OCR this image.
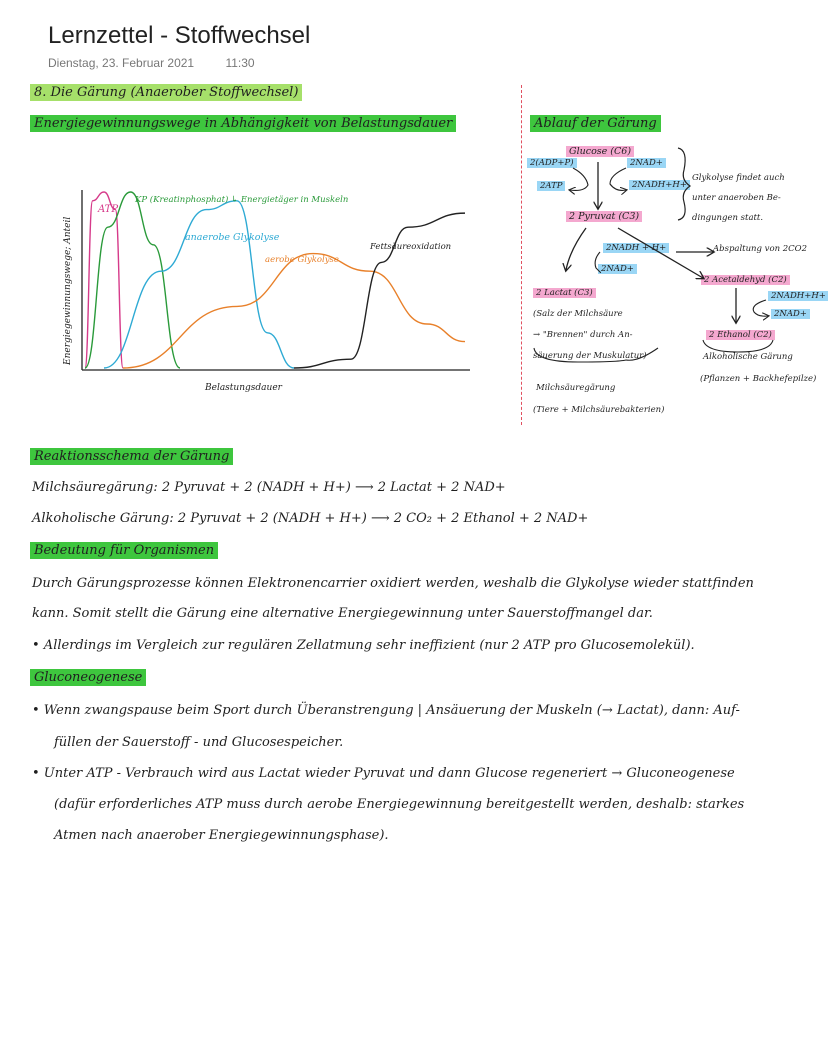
Lernzettel - Stoffwechsel
Dienstag, 23. Februar 2021	11:30
8. Die Gärung (Anaerober Stoffwechsel)
Energiegewinnungswege in Abhängigkeit von Belastungsdauer	Ablauf der Gärung
Energiegewinnungswege; Anteil
Belastungsdauer
ATP
KP (Kreatinphosphat) ↳ Energietäger in Muskeln
anaerobe Glykolyse
aerobe Glykolyse
Fettsäureoxidation
Glucose (C6)
2(ADP+P)
2ATP
2NAD+
2NADH+H+
Glykolyse findet auch
unter anaeroben Be-
dingungen statt.
2 Pyruvat (C3)
2NADH + H+
2NAD+
Abspaltung von 2CO2
2 Lactat (C3)
(Salz der Milchsäure
→ "Brennen" durch An-
säuerung der Muskulatur)
Milchsäuregärung
(Tiere + Milchsäurebakterien)
2 Acetaldehyd (C2)
2NADH+H+
2NAD+
2 Ethanol (C2)
Alkoholische Gärung
(Pflanzen + Backhefepilze)
Reaktionsschema der Gärung
Milchsäuregärung: 2 Pyruvat + 2 (NADH + H+) ⟶ 2 Lactat + 2 NAD+
Alkoholische Gärung: 2 Pyruvat + 2 (NADH + H+) ⟶ 2 CO₂ + 2 Ethanol + 2 NAD+
Bedeutung für Organismen
Durch Gärungsprozesse können Elektronencarrier oxidiert werden, weshalb die Glykolyse wieder stattfinden
kann. Somit stellt die Gärung eine alternative Energiegewinnung unter Sauerstoffmangel dar.
• Allerdings im Vergleich zur regulären Zellatmung sehr ineffizient (nur 2 ATP pro Glucosemolekül).
Gluconeogenese
• Wenn zwangspause beim Sport durch Überanstrengung | Ansäuerung der Muskeln (→ Lactat), dann: Auf-
füllen der Sauerstoff - und Glucosespeicher.
• Unter ATP - Verbrauch wird aus Lactat wieder Pyruvat und dann Glucose regeneriert → Gluconeogenese
(dafür erforderliches ATP muss durch aerobe Energiegewinnung bereitgestellt werden, deshalb: starkes
Atmen nach anaerober Energiegewinnungsphase).
